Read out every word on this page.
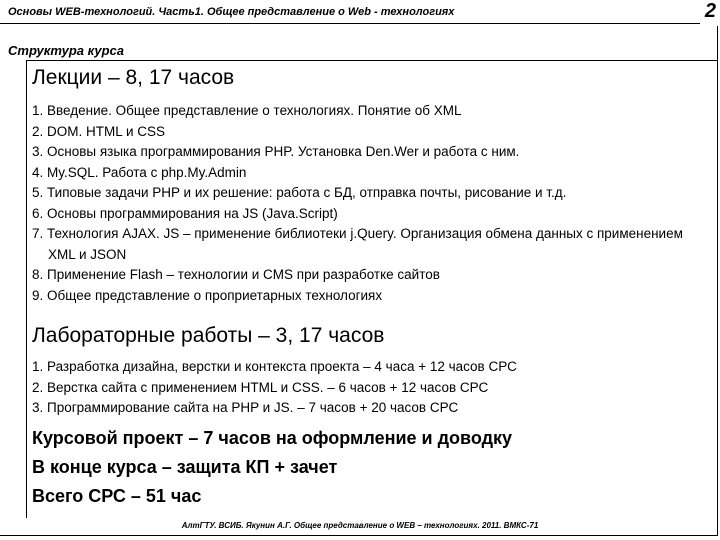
Основы WEB-технологий. Часть1. Общее представление о Web - технологиях	2
Структура курса
Лекции – 8, 17 часов
1. Введение. Общее представление о технологиях. Понятие об XML
2. DOM. HTML и CSS
3. Основы языка программирования PHP. Установка Den.Wer и работа с ним.
4. My.SQL. Работа с php.My.Admin
5. Типовые задачи PHP и их решение: работа с БД, отправка почты, рисование и т.д.
6. Основы программирования на JS (Java.Script)
7. Технология AJAX. JS – применение библиотеки j.Query. Организация обмена данных с применением XML и JSON
8. Применение Flash – технологии и CMS при разработке сайтов
9. Общее представление о проприетарных технологиях
Лабораторные работы – 3, 17 часов
1. Разработка дизайна, верстки и контекста проекта – 4 часа + 12 часов СРС
2. Верстка сайта с применением HTML и CSS. – 6 часов + 12 часов СРС
3. Программирование сайта на PHP и JS. – 7 часов + 20 часов СРС
Курсовой проект – 7 часов на оформление и доводку
В конце курса – защита КП + зачет
Всего СРС – 51 час
АлтГТУ. ВСИБ. Якунин А.Г. Общее представление о WEB – технологиях. 2011. ВМКС-71
